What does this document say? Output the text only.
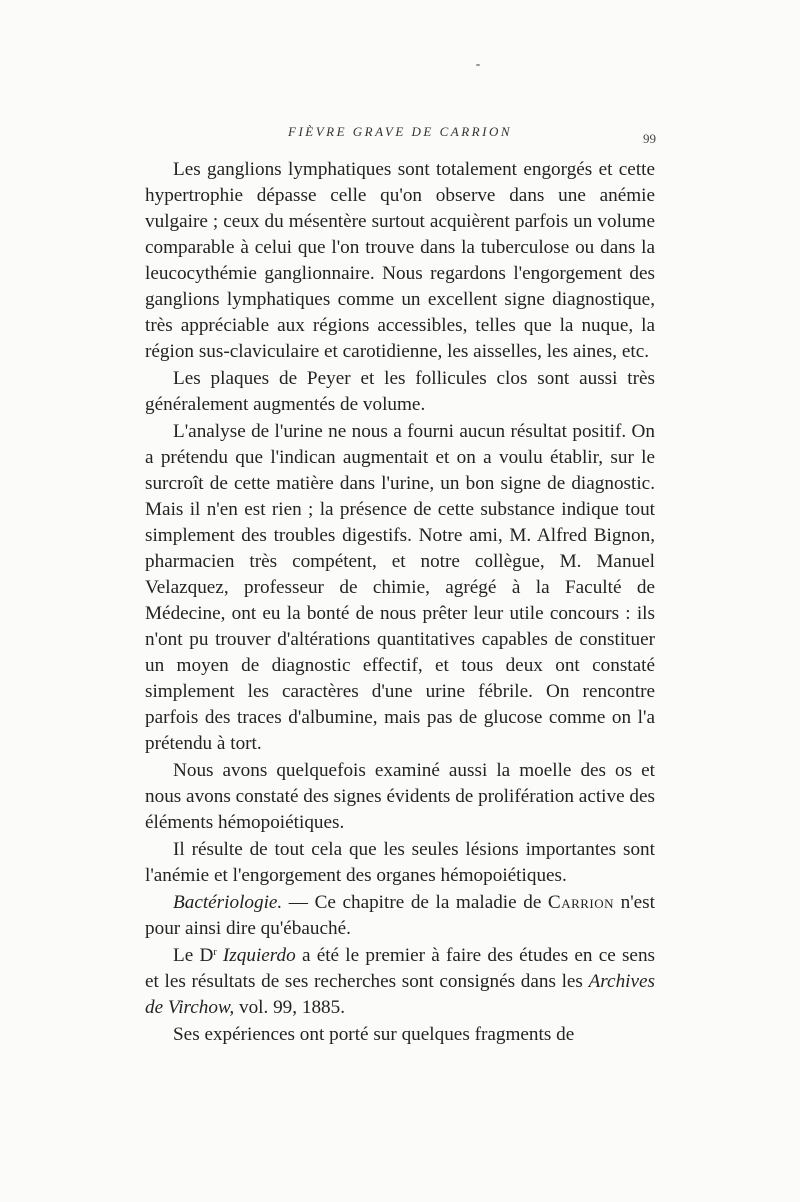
FIÈVRE GRAVE DE CARRION	99

Les ganglions lymphatiques sont totalement engorgés et cette hypertrophie dépasse celle qu'on observe dans une anémie vulgaire ; ceux du mésentère surtout acquièrent parfois un volume comparable à celui que l'on trouve dans la tuberculose ou dans la leucocythémie ganglionnaire. Nous regardons l'engorgement des ganglions lymphatiques comme un excellent signe diagnostique, très appréciable aux régions accessibles, telles que la nuque, la région sus-claviculaire et carotidienne, les aisselles, les aines, etc.

Les plaques de Peyer et les follicules clos sont aussi très généralement augmentés de volume.

L'analyse de l'urine ne nous a fourni aucun résultat positif. On a prétendu que l'indican augmentait et on a voulu établir, sur le surcroît de cette matière dans l'urine, un bon signe de diagnostic. Mais il n'en est rien ; la présence de cette substance indique tout simplement des troubles digestifs. Notre ami, M. Alfred Bignon, pharmacien très compétent, et notre collègue, M. Manuel Velazquez, professeur de chimie, agrégé à la Faculté de Médecine, ont eu la bonté de nous prêter leur utile concours : ils n'ont pu trouver d'altérations quantitatives capables de constituer un moyen de diagnostic effectif, et tous deux ont constaté simplement les caractères d'une urine fébrile. On rencontre parfois des traces d'albumine, mais pas de glucose comme on l'a prétendu à tort.

Nous avons quelquefois examiné aussi la moelle des os et nous avons constaté des signes évidents de prolifération active des éléments hémopoiétiques.

Il résulte de tout cela que les seules lésions importantes sont l'anémie et l'engorgement des organes hémopoiétiques.

Bactériologie. — Ce chapitre de la maladie de Carrion n'est pour ainsi dire qu'ébauché.

Le $D^r$ Izquierdo a été le premier à faire des études en ce sens et les résultats de ses recherches sont consignés dans les Archives de Virchow, vol. 99, 1885.

Ses expériences ont porté sur quelques fragments de
